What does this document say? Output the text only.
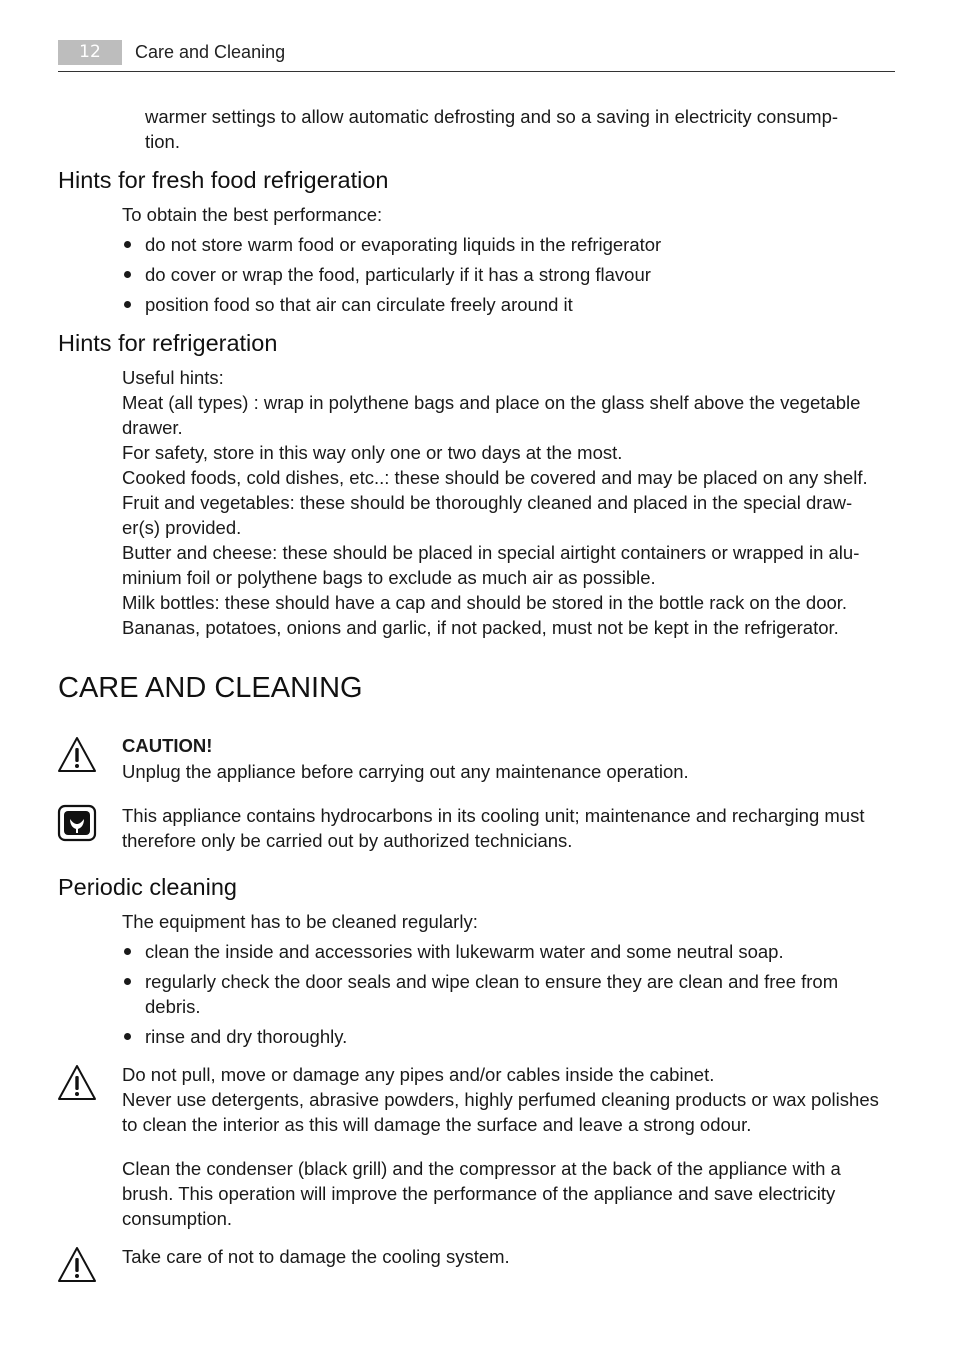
12	Care and Cleaning

warmer settings to allow automatic defrosting and so a saving in electricity consump-

tion.

Hints for fresh food refrigeration

To obtain the best performance:

do not store warm food or evaporating liquids in the refrigerator
do cover or wrap the food, particularly if it has a strong flavour
position food so that air can circulate freely around it
Hints for refrigeration

Useful hints:

Meat (all types) : wrap in polythene bags and place on the glass shelf above the vegetable

drawer.

For safety, store in this way only one or two days at the most.

Cooked foods, cold dishes, etc..: these should be covered and may be placed on any shelf.

Fruit and vegetables: these should be thoroughly cleaned and placed in the special draw-

er(s) provided.

Butter and cheese: these should be placed in special airtight containers or wrapped in alu-

minium foil or polythene bags to exclude as much air as possible.

Milk bottles: these should have a cap and should be stored in the bottle rack on the door.

Bananas, potatoes, onions and garlic, if not packed, must not be kept in the refrigerator.

CARE AND CLEANING

CAUTION!

Unplug the appliance before carrying out any maintenance operation.

This appliance contains hydrocarbons in its cooling unit; maintenance and recharging must

therefore only be carried out by authorized technicians.

Periodic cleaning

The equipment has to be cleaned regularly:

clean the inside and accessories with lukewarm water and some neutral soap.
regularly check the door seals and wipe clean to ensure they are clean and free from
debris.
rinse and dry thoroughly.

Do not pull, move or damage any pipes and/or cables inside the cabinet.

Never use detergents, abrasive powders, highly perfumed cleaning products or wax polishes

to clean the interior as this will damage the surface and leave a strong odour.

Clean the condenser (black grill) and the compressor at the back of the appliance with a

brush. This operation will improve the performance of the appliance and save electricity

consumption.

Take care of not to damage the cooling system.
